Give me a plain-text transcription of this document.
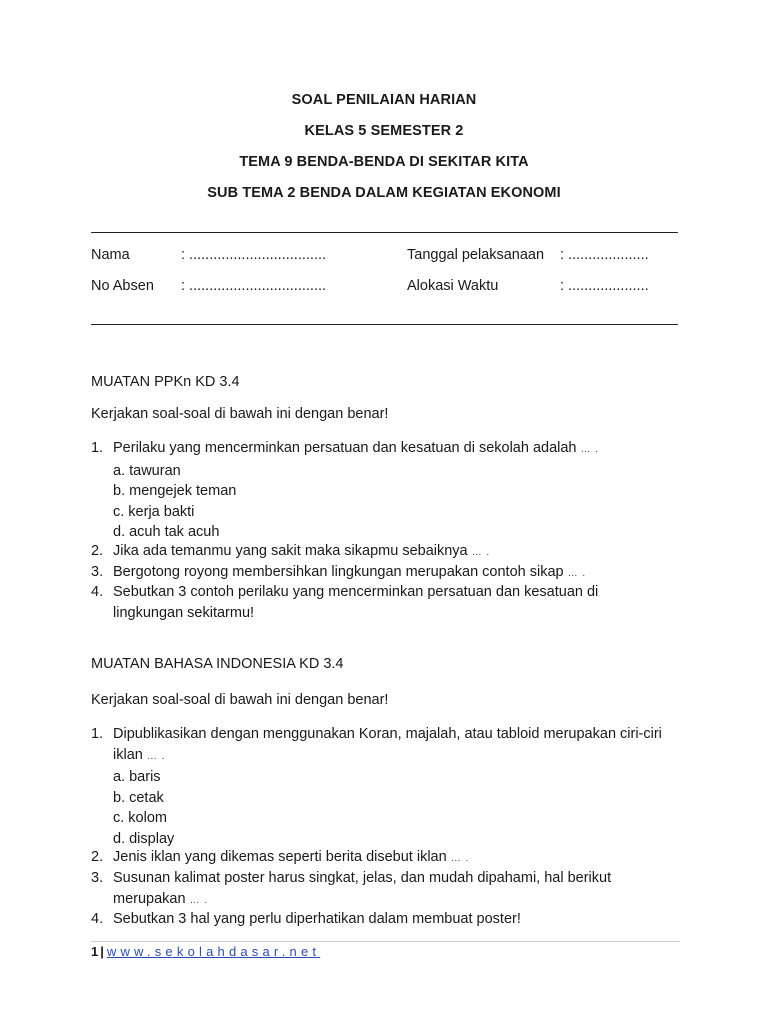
SOAL PENILAIAN HARIAN
KELAS 5 SEMESTER 2
TEMA 9 BENDA-BENDA DI SEKITAR KITA
SUB TEMA 2 BENDA DALAM KEGIATAN EKONOMI
Nama	: ..................................	Tanggal pelaksanaan : ....................
No Absen : ..................................	Alokasi Waktu	: ....................
MUATAN PPKn KD 3.4
Kerjakan soal-soal di bawah ini dengan benar!
1. Perilaku yang mencerminkan persatuan dan kesatuan di sekolah adalah … .
a. tawuran
b. mengejek teman
c. kerja bakti
d. acuh tak acuh
2. Jika ada temanmu yang sakit maka sikapmu sebaiknya … .
3. Bergotong royong membersihkan lingkungan merupakan contoh sikap … .
4. Sebutkan 3 contoh perilaku yang mencerminkan persatuan dan kesatuan di lingkungan sekitarmu!
MUATAN BAHASA INDONESIA KD 3.4
Kerjakan soal-soal di bawah ini dengan benar!
1. Dipublikasikan dengan menggunakan Koran, majalah, atau tabloid merupakan ciri-ciri iklan … .
a. baris
b. cetak
c. kolom
d. display
2. Jenis iklan yang dikemas seperti berita disebut iklan … .
3. Susunan kalimat poster harus singkat, jelas, dan mudah dipahami, hal berikut merupakan … .
4. Sebutkan 3 hal yang perlu diperhatikan dalam membuat poster!
1 | www.sekolahdasar.net
